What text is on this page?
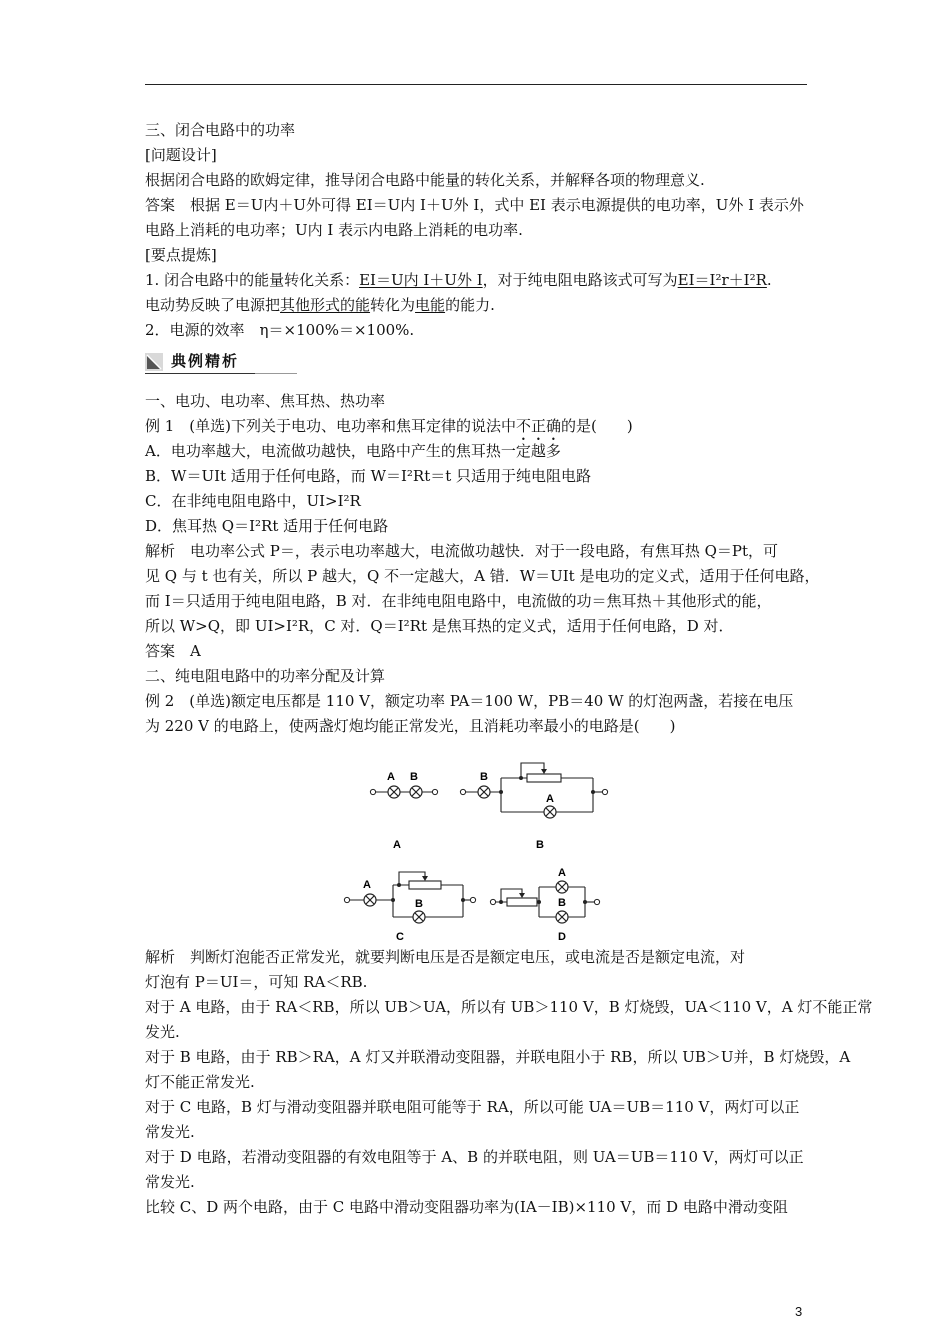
三、闭合电路中的功率
[问题设计]
根据闭合电路的欧姆定律，推导闭合电路中能量的转化关系，并解释各项的物理意义.
答案　根据 E＝U内＋U外可得 EI＝U内 I＋U外 I，式中 EI 表示电源提供的电功率，U外 I 表示外
电路上消耗的电功率；U内 I 表示内电路上消耗的电功率.
[要点提炼]
1. 闭合电路中的能量转化关系：EI＝U内 I＋U外 I，对于纯电阻电路该式可写为EI＝I²r＋I²R.
电动势反映了电源把其他形式的能转化为电能的能力.
2．电源的效率　η＝×100%＝×100%.
典例精析
一、电功、电功率、焦耳热、热功率
例 1　(单选)下列关于电功、电功率和焦耳定律的说法中不正确的是(　　)
A．电功率越大，电流做功越快，电路中产生的焦耳热一定越多
B．W＝UIt 适用于任何电路，而 W＝I²Rt＝t 只适用于纯电阻电路
C．在非纯电阻电路中，UI>I²R
D．焦耳热 Q＝I²Rt 适用于任何电路
解析　电功率公式 P＝，表示电功率越大，电流做功越快．对于一段电路，有焦耳热 Q＝Pt，可
见 Q 与 t 也有关，所以 P 越大，Q 不一定越大，A 错．W＝UIt 是电功的定义式，适用于任何电路，
而 I＝只适用于纯电阻电路，B 对．在非纯电阻电路中，电流做的功＝焦耳热＋其他形式的能，
所以 W>Q，即 UI>I²R，C 对．Q＝I²Rt 是焦耳热的定义式，适用于任何电路，D 对．
答案　A
二、纯电阻电路中的功率分配及计算
例 2　(单选)额定电压都是 110 V，额定功率 PA＝100 W，PB＝40 W 的灯泡两盏，若接在电压
为 220 V 的电路上，使两盏灯炮均能正常发光，且消耗功率最小的电路是(　　)
A B
A
B
A
B
A
B
C
A
B
D
解析　判断灯泡能否正常发光，就要判断电压是否是额定电压，或电流是否是额定电流，对
灯泡有 P＝UI＝，可知 RA＜RB.
对于 A 电路，由于 RA＜RB，所以 UB＞UA，所以有 UB＞110 V，B 灯烧毁，UA＜110 V，A 灯不能正常
发光.
对于 B 电路，由于 RB＞RA，A 灯又并联滑动变阻器，并联电阻小于 RB，所以 UB＞U并，B 灯烧毁，A
灯不能正常发光.
对于 C 电路，B 灯与滑动变阻器并联电阻可能等于 RA，所以可能 UA＝UB＝110 V，两灯可以正
常发光.
对于 D 电路，若滑动变阻器的有效电阻等于 A、B 的并联电阻，则 UA＝UB＝110 V，两灯可以正
常发光.
比较 C、D 两个电路，由于 C 电路中滑动变阻器功率为(IA－IB)×110 V，而 D 电路中滑动变阻
3
